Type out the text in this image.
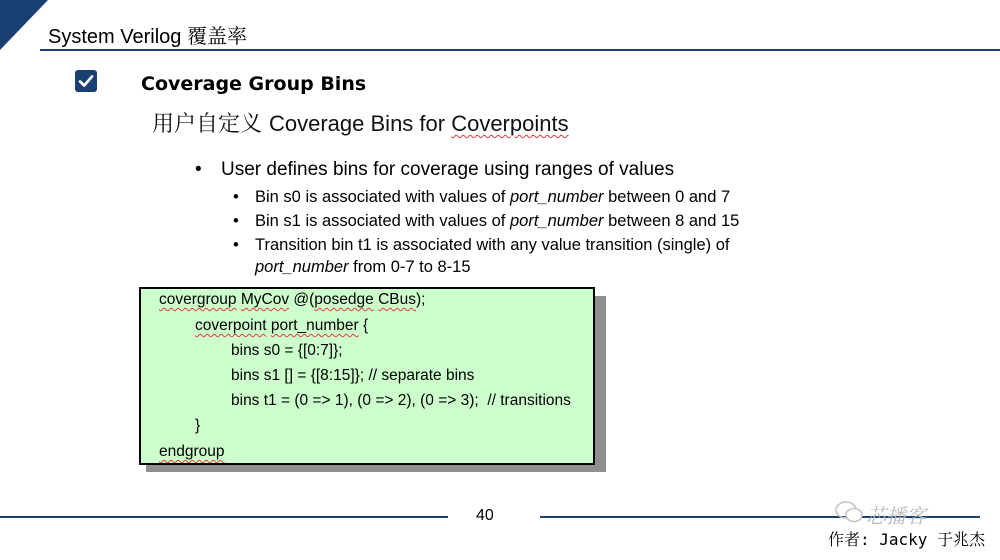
System Verilog 覆盖率
Coverage Group Bins
用户自定义 Coverage Bins for Coverpoints
• User defines bins for coverage using ranges of values
• Bin s0 is associated with values of port_number between 0 and 7
• Bin s1 is associated with values of port_number between 8 and 15
• Transition bin t1 is associated with any value transition (single) of port_number from 0-7 to 8-15
covergroup MyCov @(posedge CBus);
coverpoint port_number {
bins s0 = {[0:7]};
bins s1 [] = {[8:15]}; // separate bins
bins t1 = (0 => 1), (0 => 2), (0 => 3);  // transitions
}
endgroup
40	芯播客
作者: Jacky 于兆杰
